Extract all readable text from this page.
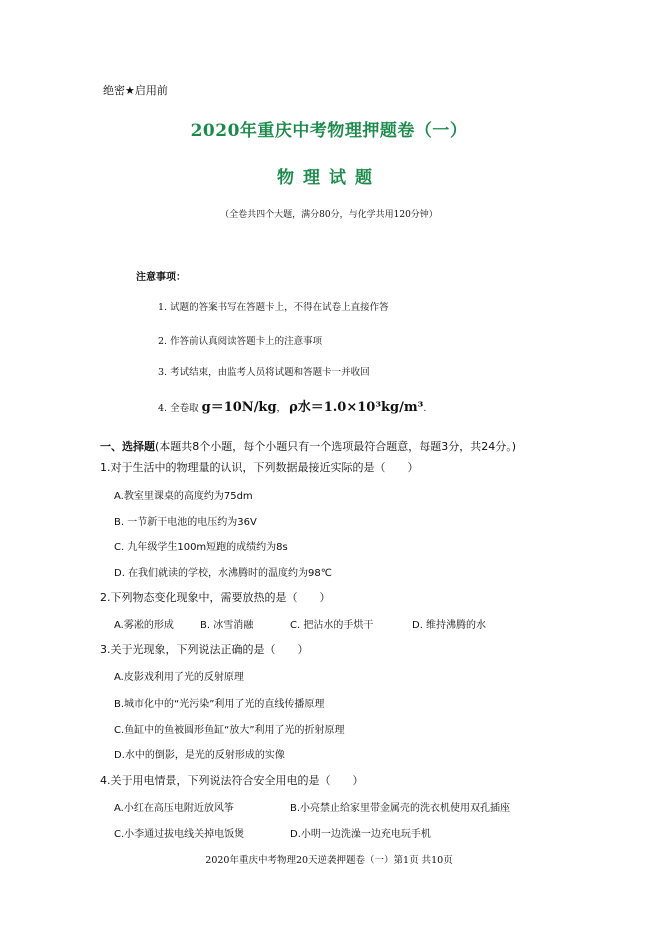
绝密★启用前
2020年重庆中考物理押题卷（一）
物理试题
（全卷共四个大题，满分80分，与化学共用120分钟）
注意事项：
1. 试题的答案书写在答题卡上，不得在试卷上直接作答
2. 作答前认真阅读答题卡上的注意事项
3. 考试结束，由监考人员将试题和答题卡一并收回
4. 全卷取 g＝10N/kg， ρ水＝1.0×10³kg/m³.
一、选择题(本题共8个小题，每个小题只有一个选项最符合题意，每题3分，共24分。)
1.对于生活中的物理量的认识，下列数据最接近实际的是（　　）
A.教室里课桌的高度约为75dm
B. 一节新干电池的电压约为36V
C. 九年级学生100m短跑的成绩约为8s
D. 在我们就读的学校，水沸腾时的温度约为98℃
2.下列物态变化现象中，需要放热的是（　　）
A.雾凇的形成	B. 冰雪消融	C. 把沾水的手烘干	D. 维持沸腾的水
3.关于光现象，下列说法正确的是（　　）
A.皮影戏利用了光的反射原理
B.城市化中的“光污染”利用了光的直线传播原理
C.鱼缸中的鱼被圆形鱼缸“放大”利用了光的折射原理
D.水中的倒影，是光的反射形成的实像
4.关于用电情景，下列说法符合安全用电的是（　　）
A.小红在高压电附近放风筝	B.小亮禁止给家里带金属壳的洗衣机使用双孔插座
C.小李通过拔电线关掉电饭煲	D.小明一边洗澡一边充电玩手机
2020年重庆中考物理20天逆袭押题卷（一）第1页 共10页
